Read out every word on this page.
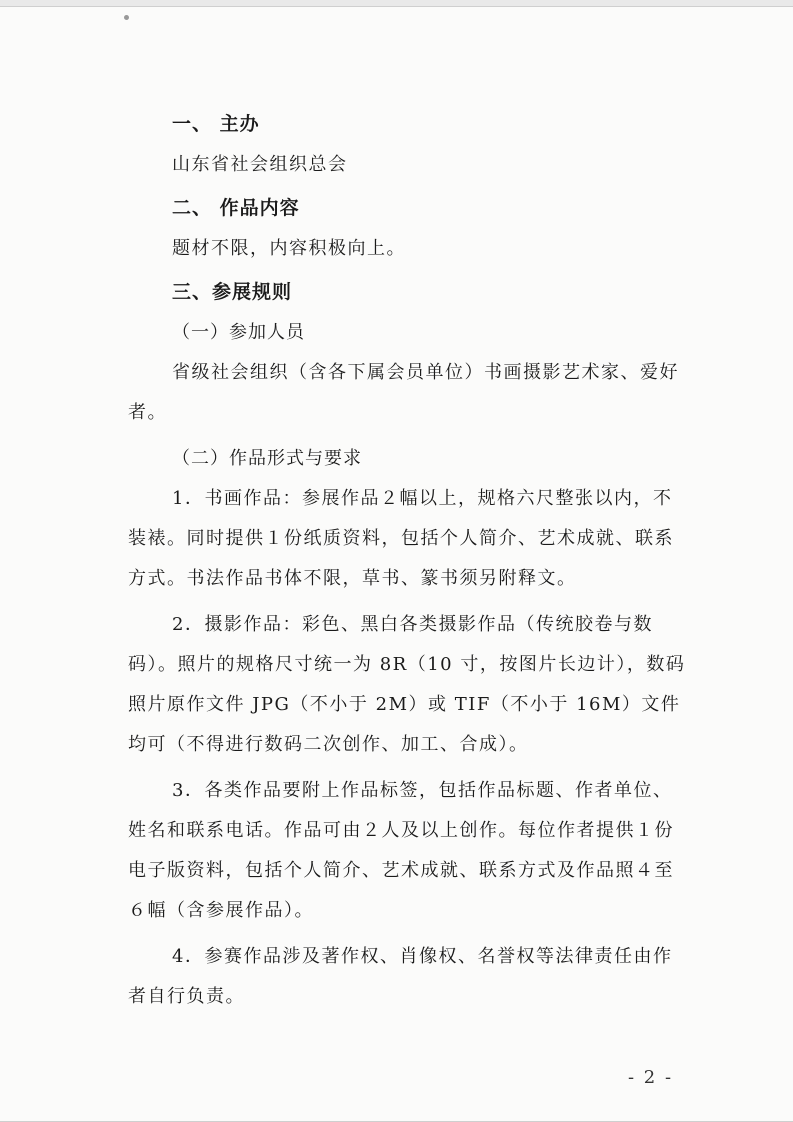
一、 主办

山东省社会组织总会

二、 作品内容

题材不限，内容积极向上。

三、参展规则

（一）参加人员

省级社会组织（含各下属会员单位）书画摄影艺术家、爱好者。

（二）作品形式与要求

1．书画作品：参展作品２幅以上，规格六尺整张以内，不装裱。同时提供１份纸质资料，包括个人简介、艺术成就、联系方式。书法作品书体不限，草书、篆书须另附释文。

2．摄影作品：彩色、黑白各类摄影作品（传统胶卷与数码）。照片的规格尺寸统一为 8R（10 寸，按图片长边计），数码照片原作文件 JPG（不小于 2M）或 TIF（不小于 16M）文件均可（不得进行数码二次创作、加工、合成）。

3．各类作品要附上作品标签，包括作品标题、作者单位、姓名和联系电话。作品可由２人及以上创作。每位作者提供１份电子版资料，包括个人简介、艺术成就、联系方式及作品照４至６幅（含参展作品）。

4．参赛作品涉及著作权、肖像权、名誉权等法律责任由作者自行负责。

- 2 -
